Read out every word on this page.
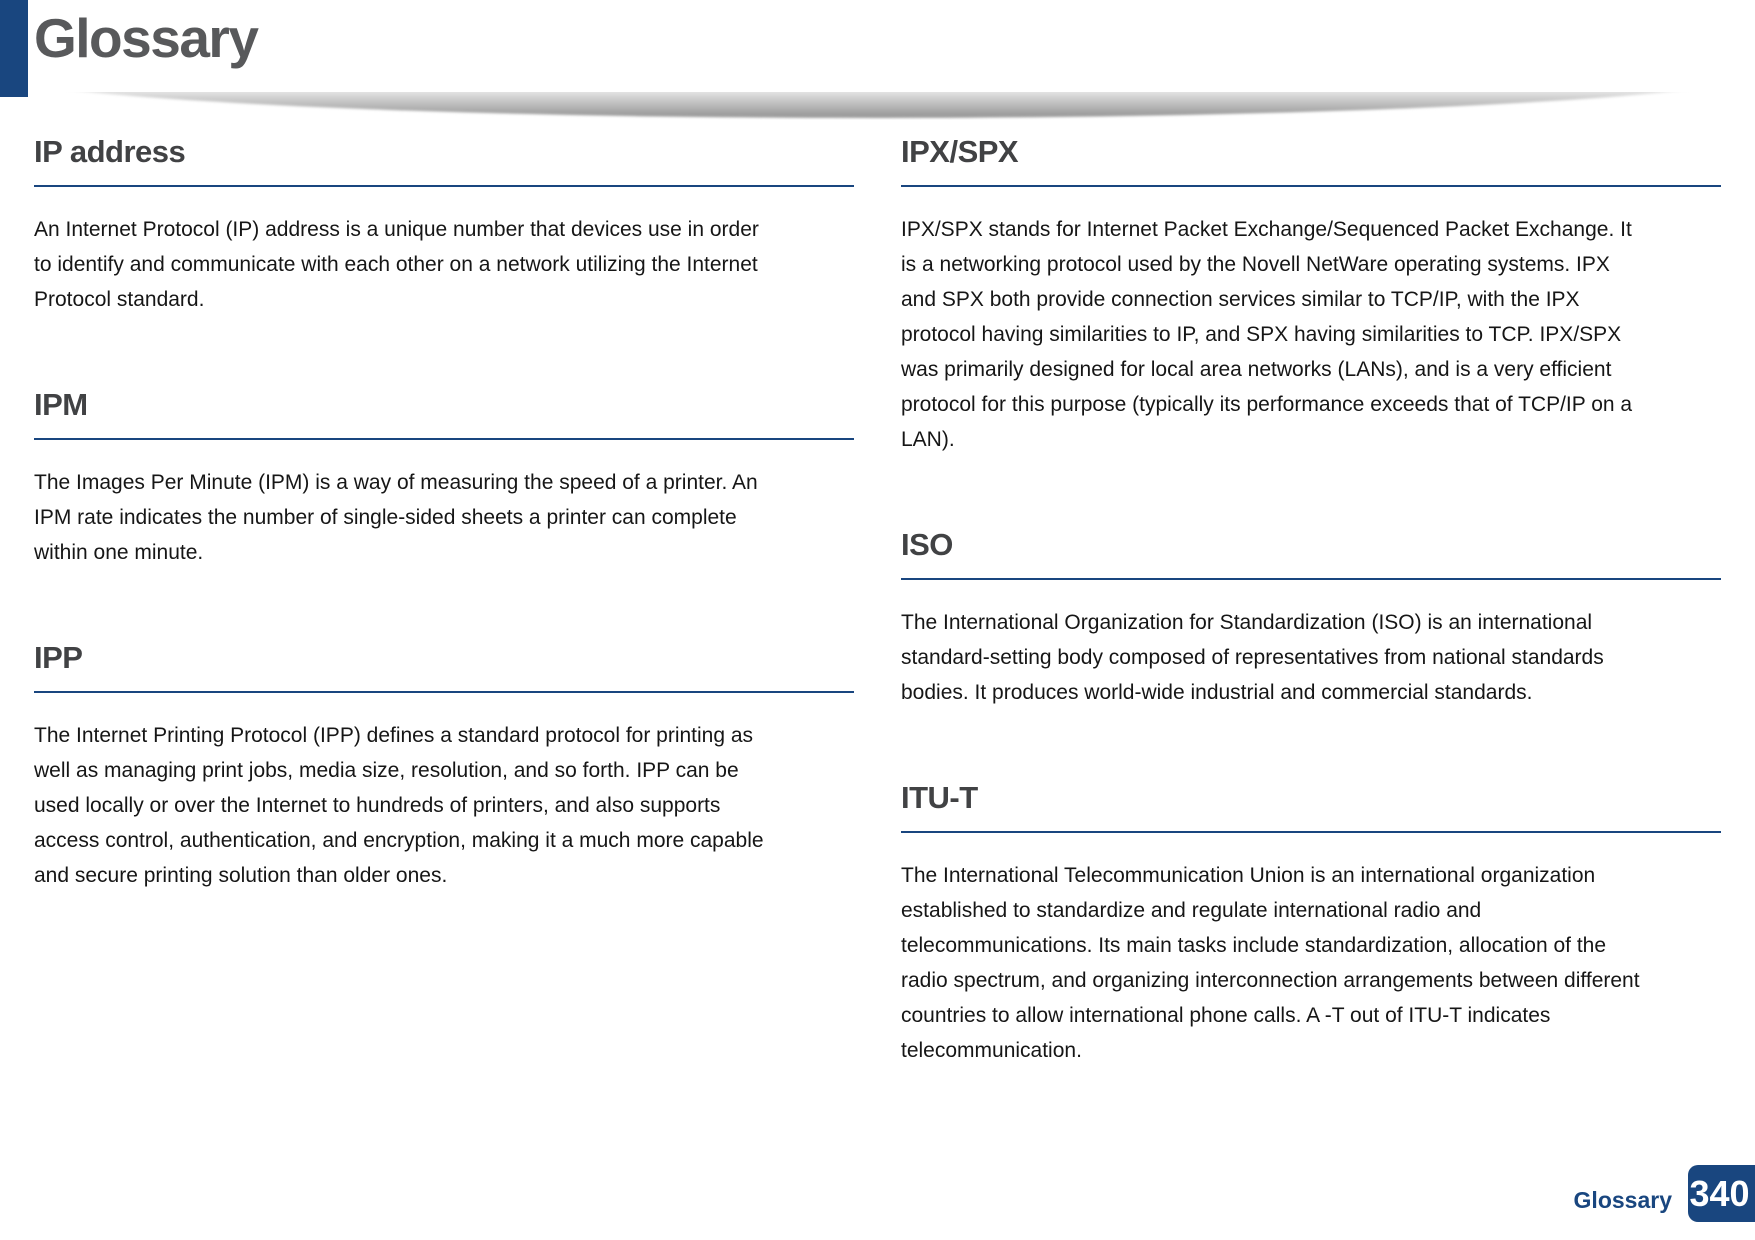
Glossary
IP address

An Internet Protocol (IP) address is a unique number that devices use in order to identify and communicate with each other on a network utilizing the Internet Protocol standard.

IPM

The Images Per Minute (IPM) is a way of measuring the speed of a printer. An IPM rate indicates the number of single-sided sheets a printer can complete within one minute.

IPP

The Internet Printing Protocol (IPP) defines a standard protocol for printing as well as managing print jobs, media size, resolution, and so forth. IPP can be used locally or over the Internet to hundreds of printers, and also supports access control, authentication, and encryption, making it a much more capable and secure printing solution than older ones.

IPX/SPX

IPX/SPX stands for Internet Packet Exchange/Sequenced Packet Exchange. It is a networking protocol used by the Novell NetWare operating systems. IPX and SPX both provide connection services similar to TCP/IP, with the IPX protocol having similarities to IP, and SPX having similarities to TCP. IPX/SPX was primarily designed for local area networks (LANs), and is a very efficient protocol for this purpose (typically its performance exceeds that of TCP/IP on a LAN).

ISO

The International Organization for Standardization (ISO) is an international standard-setting body composed of representatives from national standards bodies. It produces world-wide industrial and commercial standards.

ITU-T

The International Telecommunication Union is an international organization established to standardize and regulate international radio and telecommunications. Its main tasks include standardization, allocation of the radio spectrum, and organizing interconnection arrangements between different countries to allow international phone calls. A -T out of ITU-T indicates telecommunication.

Glossary 340
